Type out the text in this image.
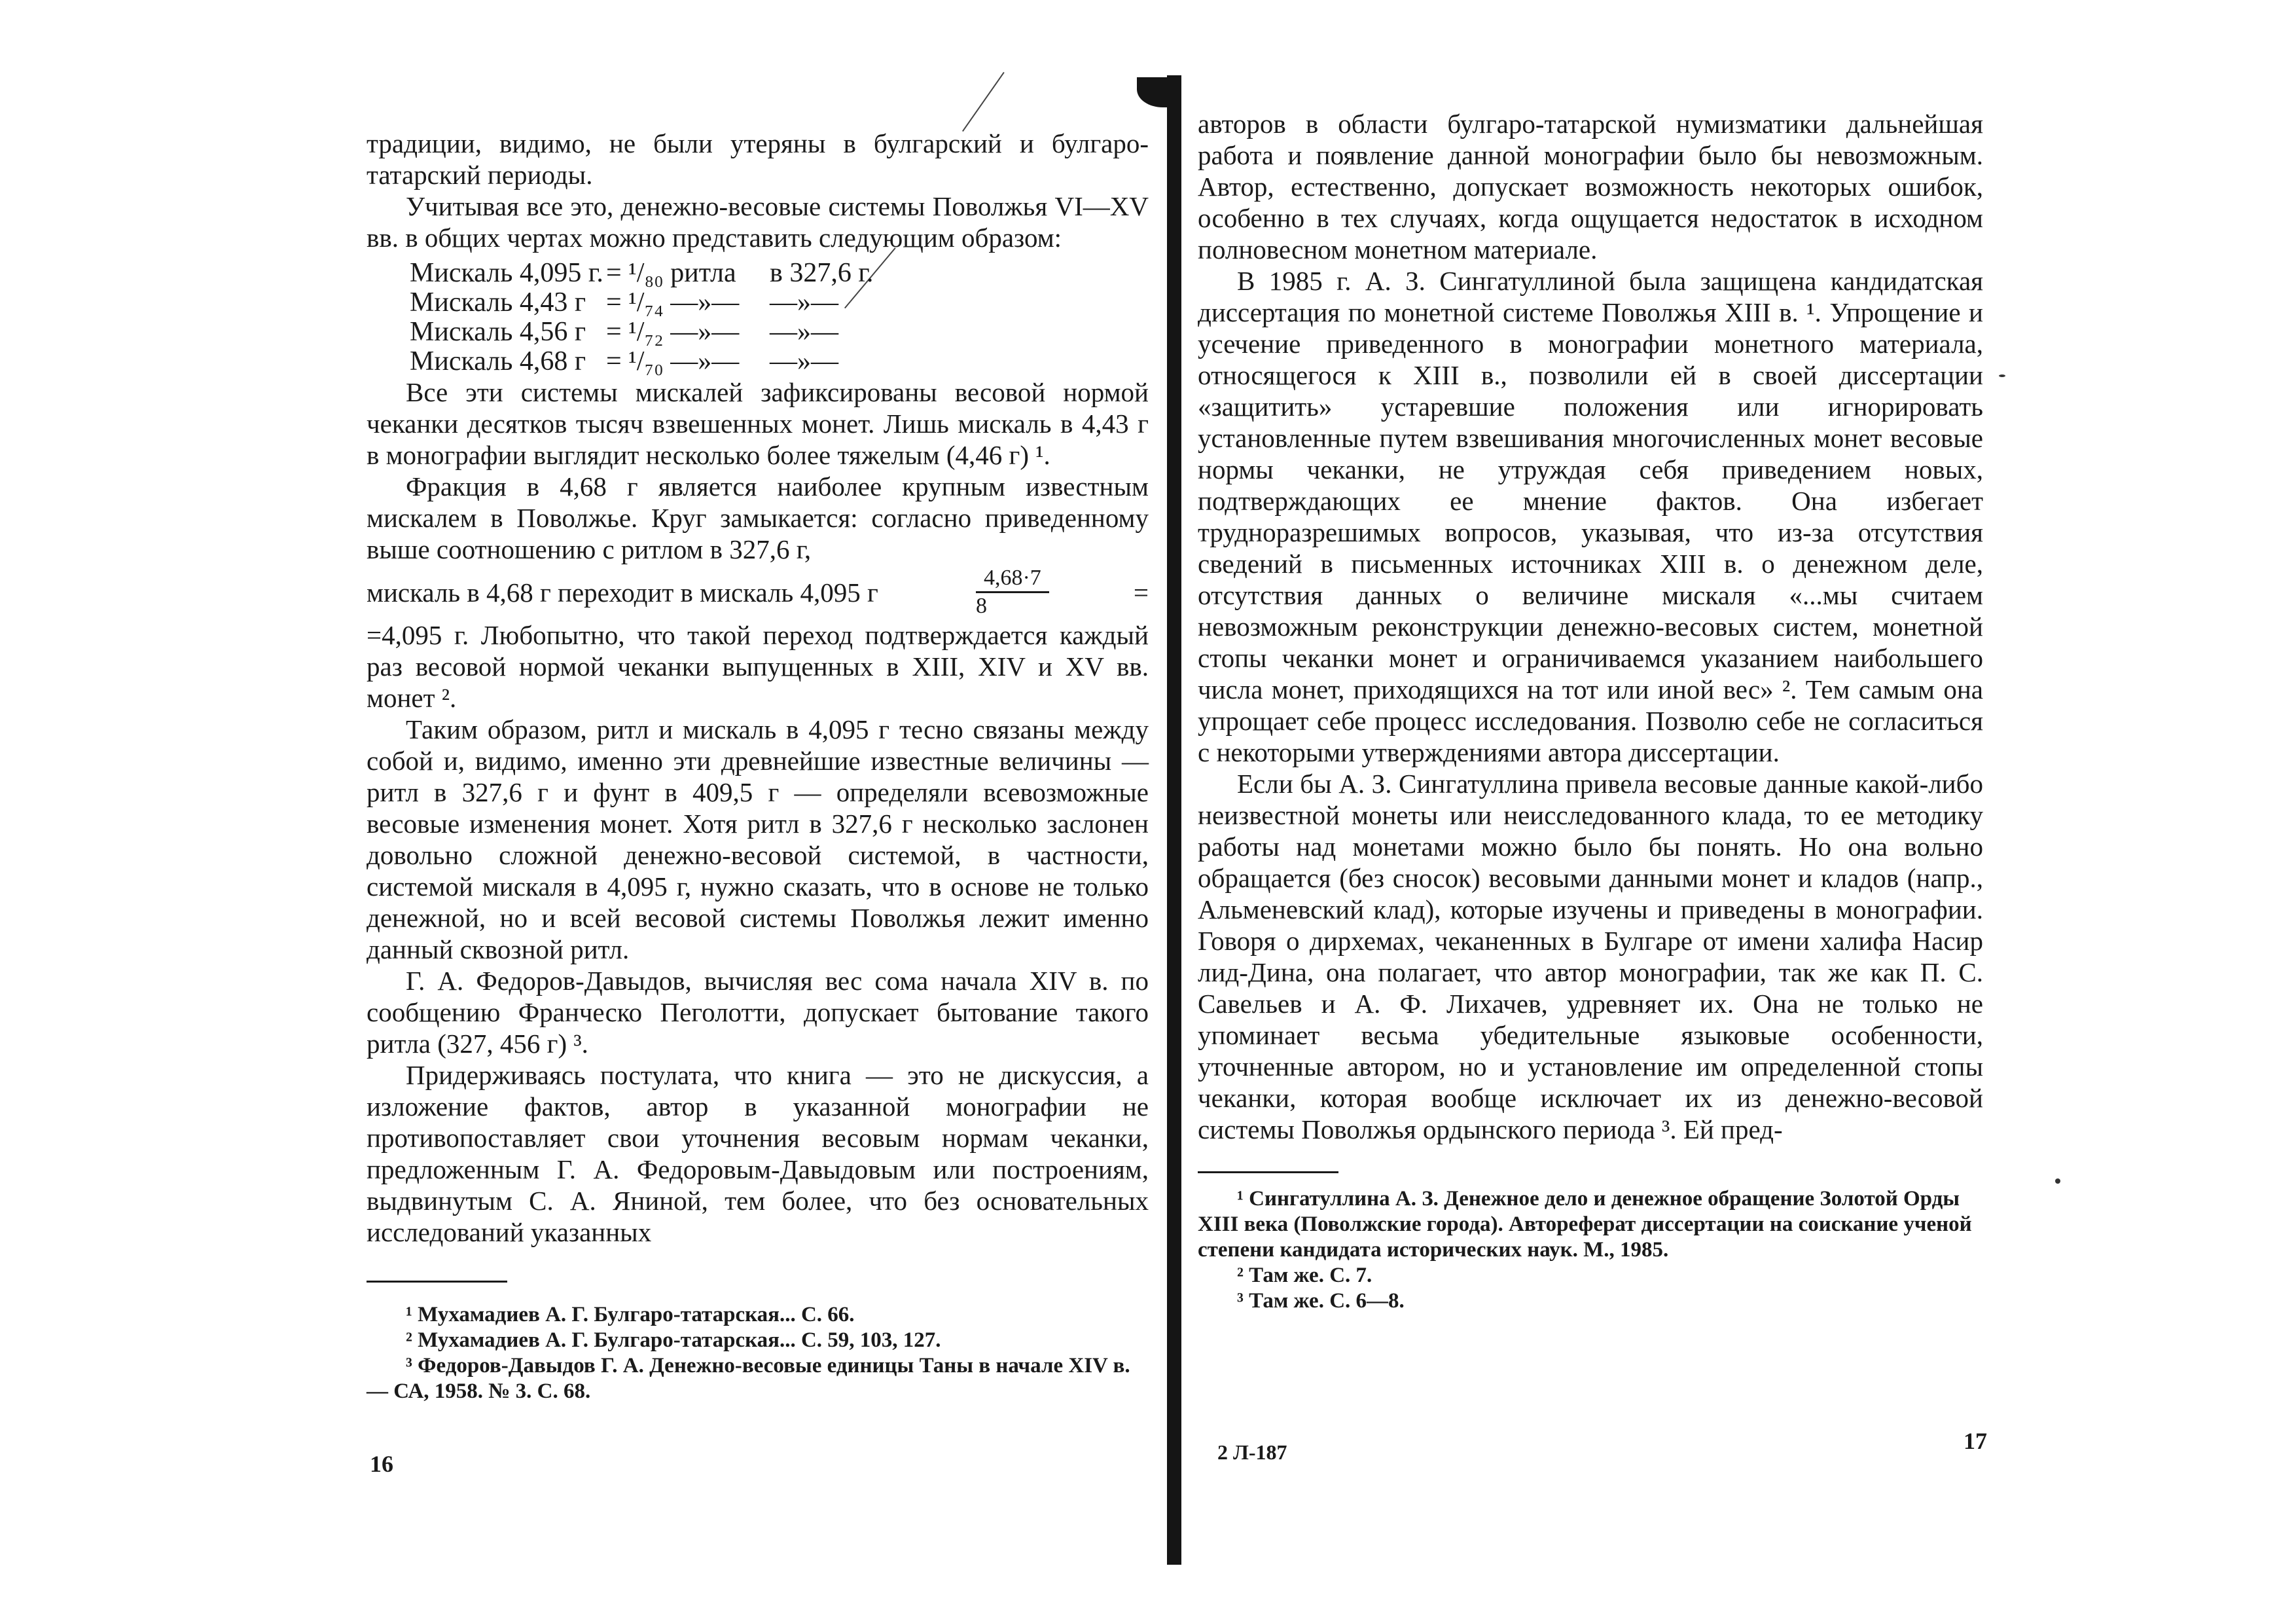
традиции, видимо, не были утеряны в булгарский и булгаро-татарский периоды.

Учитывая все это, денежно-весовые системы Поволжья VI—XV вв. в общих чертах можно представить следующим образом:

Мискаль 4,095 г. = ¹/₈₀ ритла	в 327,6 г.
Мискаль 4,43 г = ¹/₇₄ —»—	—»—
Мискаль 4,56 г = ¹/₇₂ —»—	—»—
Мискаль 4,68 г = ¹/₇₀ —»—	—»—

Все эти системы мискалей зафиксированы весовой нормой чеканки десятков тысяч взвешенных монет. Лишь мискаль в 4,43 г в монографии выглядит несколько более тяжелым (4,46 г) ¹.

Фракция в 4,68 г является наиболее крупным известным мискалем в Поволжье. Круг замыкается: согласно приведенному выше соотношению с ритлом в 327,6 г,

мискаль в 4,68 г переходит в мискаль 4,095 г	$\frac{4,68\cdot 7}{8}$	=

=4,095 г. Любопытно, что такой переход подтверждается каждый раз весовой нормой чеканки выпущенных в XIII, XIV и XV вв. монет ².

Таким образом, ритл и мискаль в 4,095 г тесно связаны между собой и, видимо, именно эти древнейшие известные величины — ритл в 327,6 г и фунт в 409,5 г — определяли всевозможные весовые изменения монет. Хотя ритл в 327,6 г несколько заслонен довольно сложной денежно-весовой системой, в частности, системой мискаля в 4,095 г, нужно сказать, что в основе не только денежной, но и всей весовой системы Поволжья лежит именно данный сквозной ритл.

Г. А. Федоров-Давыдов, вычисляя вес сома начала XIV в. по сообщению Франческо Пеголотти, допускает бытование такого ритла (327, 456 г) ³.

Придерживаясь постулата, что книга — это не дискуссия, а изложение фактов, автор в указанной монографии не противопоставляет свои уточнения весовым нормам чеканки, предложенным Г. А. Федоровым-Давыдовым или построениям, выдвинутым С. А. Яниной, тем более, что без основательных исследований указанных

¹ Мухамадиев А. Г. Булгаро-татарская... С. 66.

² Мухамадиев А. Г. Булгаро-татарская... С. 59, 103, 127.

³ Федоров-Давыдов Г. А. Денежно-весовые единицы Таны в начале XIV в.— СА, 1958. № 3. С. 68.

16

авторов в области булгаро-татарской нумизматики дальнейшая работа и появление данной монографии было бы невозможным. Автор, естественно, допускает возможность некоторых ошибок, особенно в тех случаях, когда ощущается недостаток в исходном полновесном монетном материале.

В 1985 г. А. З. Сингатуллиной была защищена кандидатская диссертация по монетной системе Поволжья XIII в. ¹. Упрощение и усечение приведенного в монографии монетного материала, относящегося к XIII в., позволили ей в своей диссертации «защитить» устаревшие положения или игнорировать установленные путем взвешивания многочисленных монет весовые нормы чеканки, не утруждая себя приведением новых, подтверждающих ее мнение фактов. Она избегает трудноразрешимых вопросов, указывая, что из-за отсутствия сведений в письменных источниках XIII в. о денежном деле, отсутствия данных о величине мискаля «...мы считаем невозможным реконструкции денежно-весовых систем, монетной стопы чеканки монет и ограничиваемся указанием наибольшего числа монет, приходящихся на тот или иной вес» ². Тем самым она упрощает себе процесс исследования. Позволю себе не согласиться с некоторыми утверждениями автора диссертации.

Если бы А. З. Сингатуллина привела весовые данные какой-либо неизвестной монеты или неисследованного клада, то ее методику работы над монетами можно было бы понять. Но она вольно обращается (без сносок) весовыми данными монет и кладов (напр., Альменевский клад), которые изучены и приведены в монографии. Говоря о дирхемах, чеканенных в Булгаре от имени халифа Насир лид-Дина, она полагает, что автор монографии, так же как П. С. Савельев и А. Ф. Лихачев, удревняет их. Она не только не упоминает весьма убедительные языковые особенности, уточненные автором, но и установление им определенной стопы чеканки, которая вообще исключает их из денежно-весовой системы Поволжья ордынского периода ³. Ей пред-

¹ Сингатуллина А. З. Денежное дело и денежное обращение Золотой Орды XIII века (Поволжские города). Автореферат диссертации на соискание ученой степени кандидата исторических наук. М., 1985.

² Там же. С. 7.

³ Там же. С. 6—8.

2 Л-187	17
